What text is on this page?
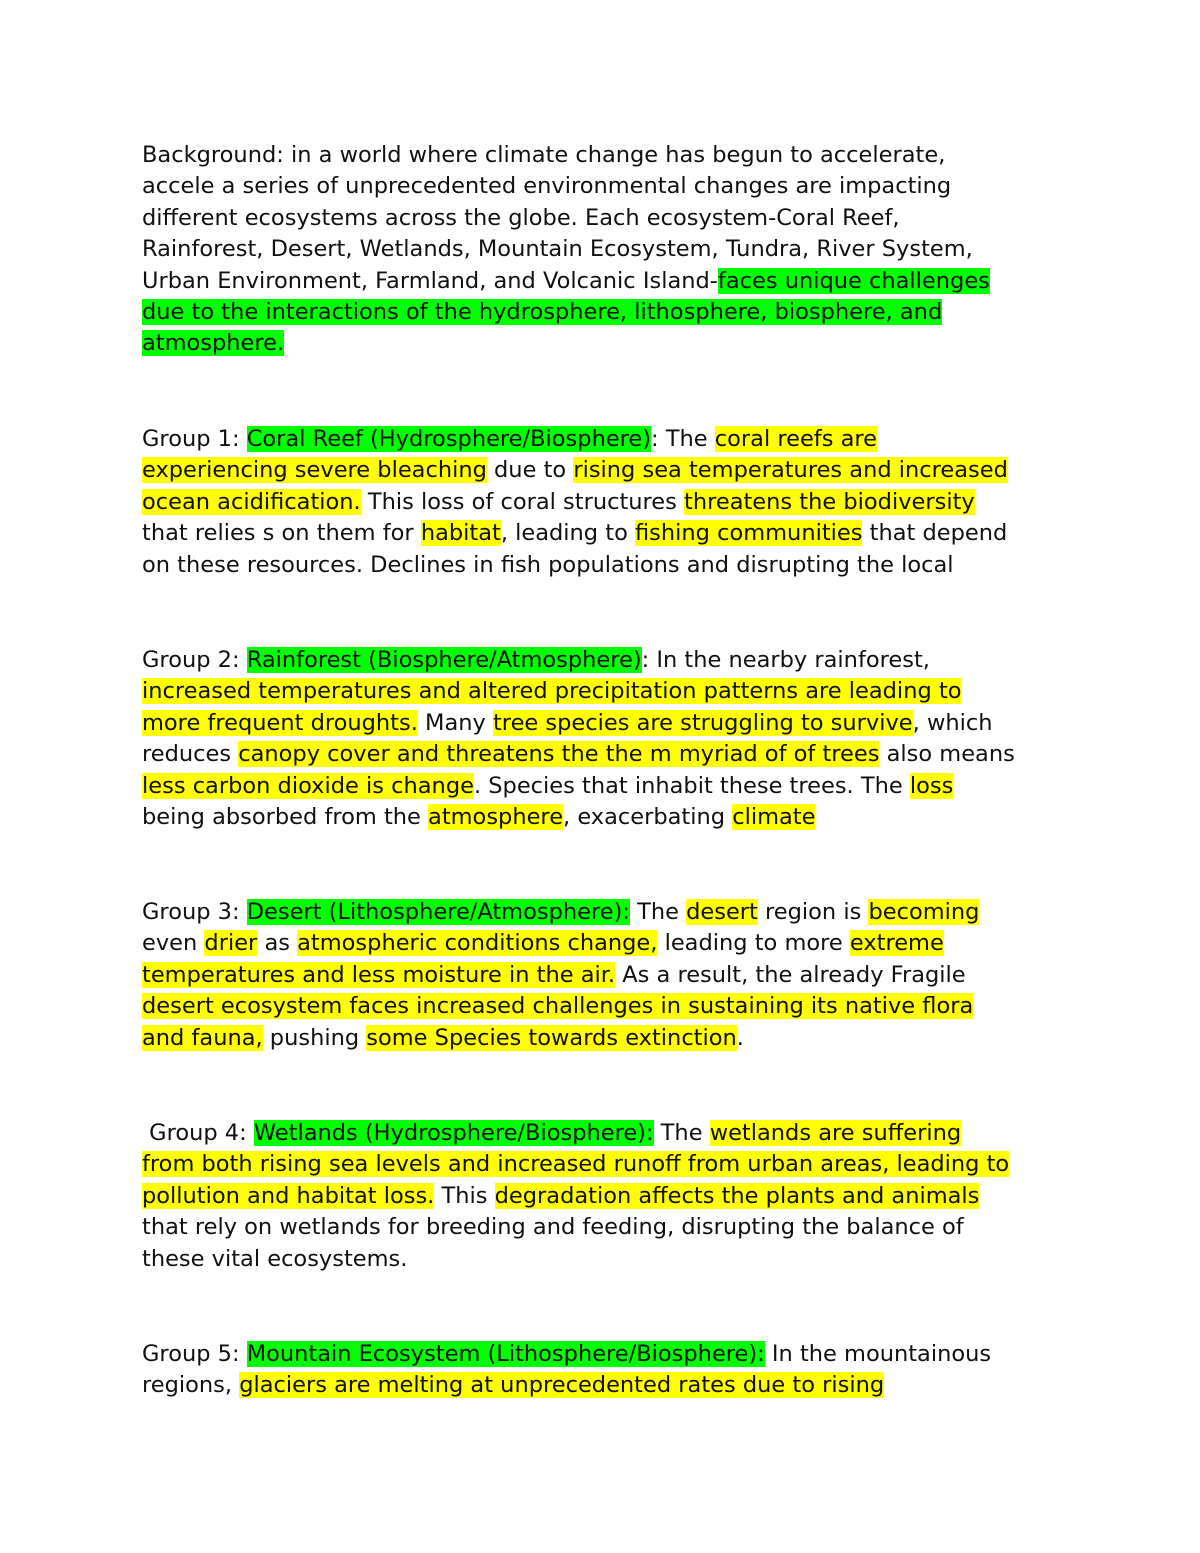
Background: in a world where climate change has begun to accelerate,
accele a series of unprecedented environmental changes are impacting
different ecosystems across the globe. Each ecosystem-Coral Reef,
Rainforest, Desert, Wetlands, Mountain Ecosystem, Tundra, River System,
Urban Environment, Farmland, and Volcanic Island-faces unique challenges
due to the interactions of the hydrosphere, lithosphere, biosphere, and
atmosphere.
Group 1: Coral Reef (Hydrosphere/Biosphere): The coral reefs are
experiencing severe bleaching due to rising sea temperatures and increased
ocean acidification. This loss of coral structures threatens the biodiversity
that relies s on them for habitat, leading to fishing communities that depend
on these resources. Declines in fish populations and disrupting the local
Group 2: Rainforest (Biosphere/Atmosphere): In the nearby rainforest,
increased temperatures and altered precipitation patterns are leading to
more frequent droughts. Many tree species are struggling to survive, which
reduces canopy cover and threatens the the m myriad of of trees also means
less carbon dioxide is change. Species that inhabit these trees. The loss
being absorbed from the atmosphere, exacerbating climate
Group 3: Desert (Lithosphere/Atmosphere): The desert region is becoming
even drier as atmospheric conditions change, leading to more extreme
temperatures and less moisture in the air. As a result, the already Fragile
desert ecosystem faces increased challenges in sustaining its native flora
and fauna, pushing some Species towards extinction.
Group 4: Wetlands (Hydrosphere/Biosphere): The wetlands are suffering
from both rising sea levels and increased runoff from urban areas, leading to
pollution and habitat loss. This degradation affects the plants and animals
that rely on wetlands for breeding and feeding, disrupting the balance of
these vital ecosystems.
Group 5: Mountain Ecosystem (Lithosphere/Biosphere): In the mountainous
regions, glaciers are melting at unprecedented rates due to rising
